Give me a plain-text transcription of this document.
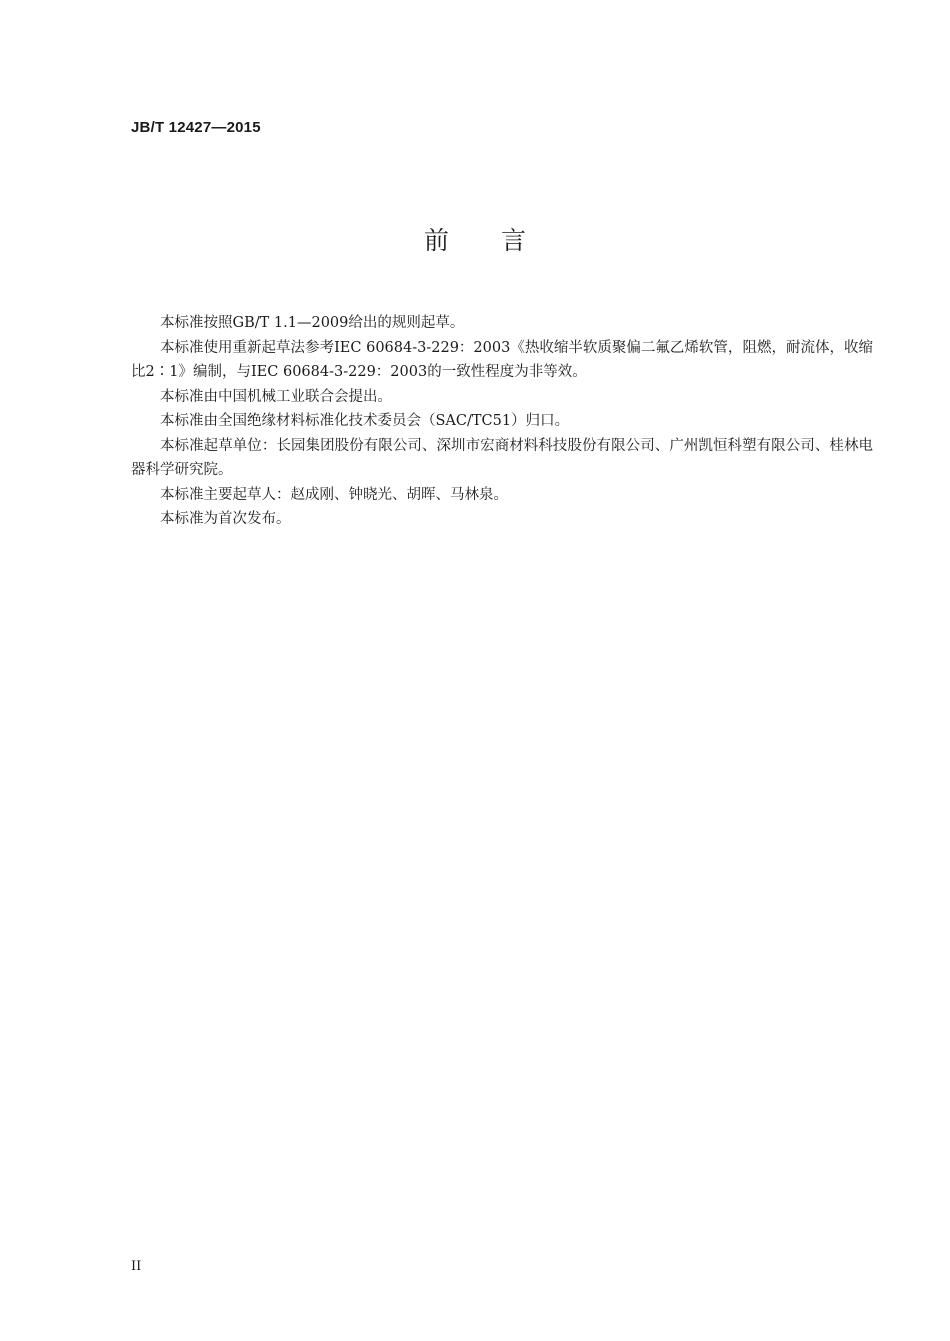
JB/T 12427—2015
前 言

本标准按照GB/T 1.1—2009给出的规则起草。

本标准使用重新起草法参考IEC 60684-3-229：2003《热收缩半软质聚偏二氟乙烯软管，阻燃，耐流体，收缩比2∶1》编制，与IEC 60684-3-229：2003的一致性程度为非等效。

本标准由中国机械工业联合会提出。

本标准由全国绝缘材料标准化技术委员会（SAC/TC51）归口。

本标准起草单位：长园集团股份有限公司、深圳市宏商材料科技股份有限公司、广州凯恒科塑有限公司、桂林电器科学研究院。

本标准主要起草人：赵成刚、钟晓光、胡晖、马林泉。

本标准为首次发布。

II
